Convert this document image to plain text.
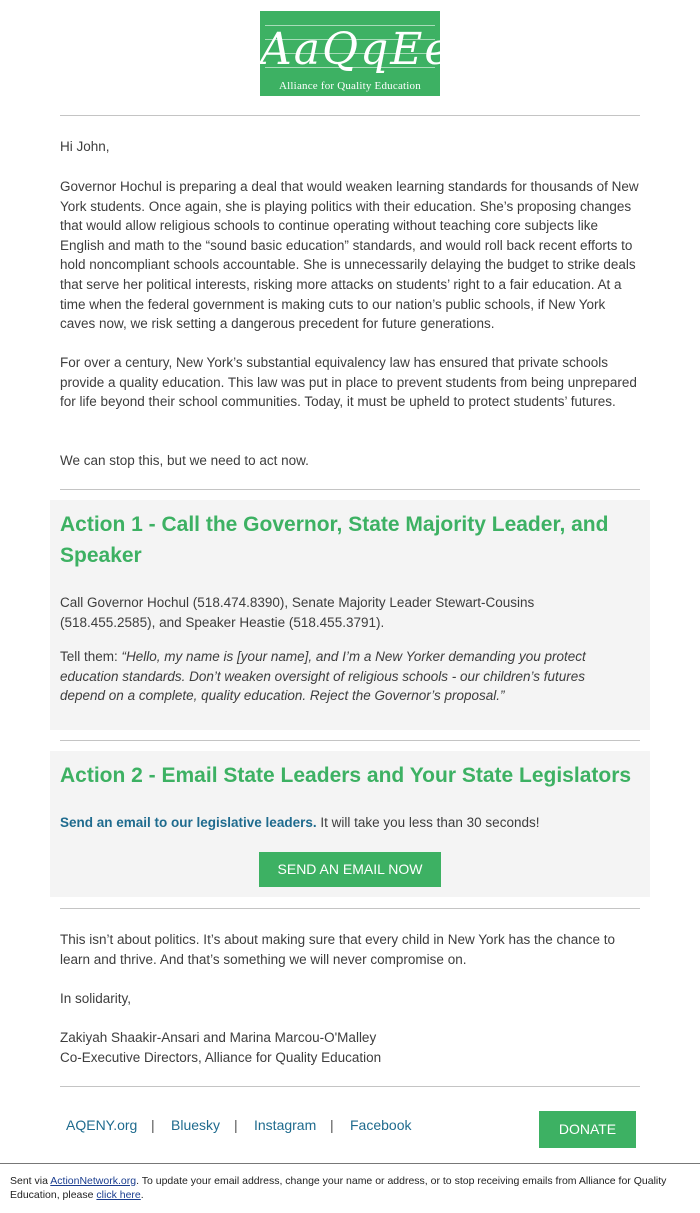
AaQqEe
Alliance for Quality Education

Hi John,

Governor Hochul is preparing a deal that would weaken learning standards for thousands of New York students. Once again, she is playing politics with their education. She’s proposing changes that would allow religious schools to continue operating without teaching core subjects like English and math to the “sound basic education” standards, and would roll back recent efforts to hold noncompliant schools accountable. She is unnecessarily delaying the budget to strike deals that serve her political interests, risking more attacks on students’ right to a fair education. At a time when the federal government is making cuts to our nation’s public schools, if New York caves now, we risk setting a dangerous precedent for future generations.

For over a century, New York’s substantial equivalency law has ensured that private schools provide a quality education. This law was put in place to prevent students from being unprepared for life beyond their school communities. Today, it must be upheld to protect students’ futures.

We can stop this, but we need to act now.

Action 1 - Call the Governor, State Majority Leader, and Speaker

Call Governor Hochul (518.474.8390), Senate Majority Leader Stewart-Cousins (518.455.2585), and Speaker Heastie (518.455.3791).

Tell them: “Hello, my name is [your name], and I’m a New Yorker demanding you protect education standards. Don’t weaken oversight of religious schools - our children’s futures depend on a complete, quality education. Reject the Governor’s proposal.”

Action 2 - Email State Leaders and Your State Legislators

Send an email to our legislative leaders. It will take you less than 30 seconds!

SEND AN EMAIL NOW

This isn’t about politics. It’s about making sure that every child in New York has the chance to learn and thrive. And that’s something we will never compromise on.

In solidarity,

Zakiyah Shaakir-Ansari and Marina Marcou-O'Malley

Co-Executive Directors, Alliance for Quality Education

AQENY.org | Bluesky | Instagram | Facebook	DONATE

Sent via ActionNetwork.org. To update your email address, change your name or address, or to stop receiving emails from Alliance for Quality Education, please click here.
